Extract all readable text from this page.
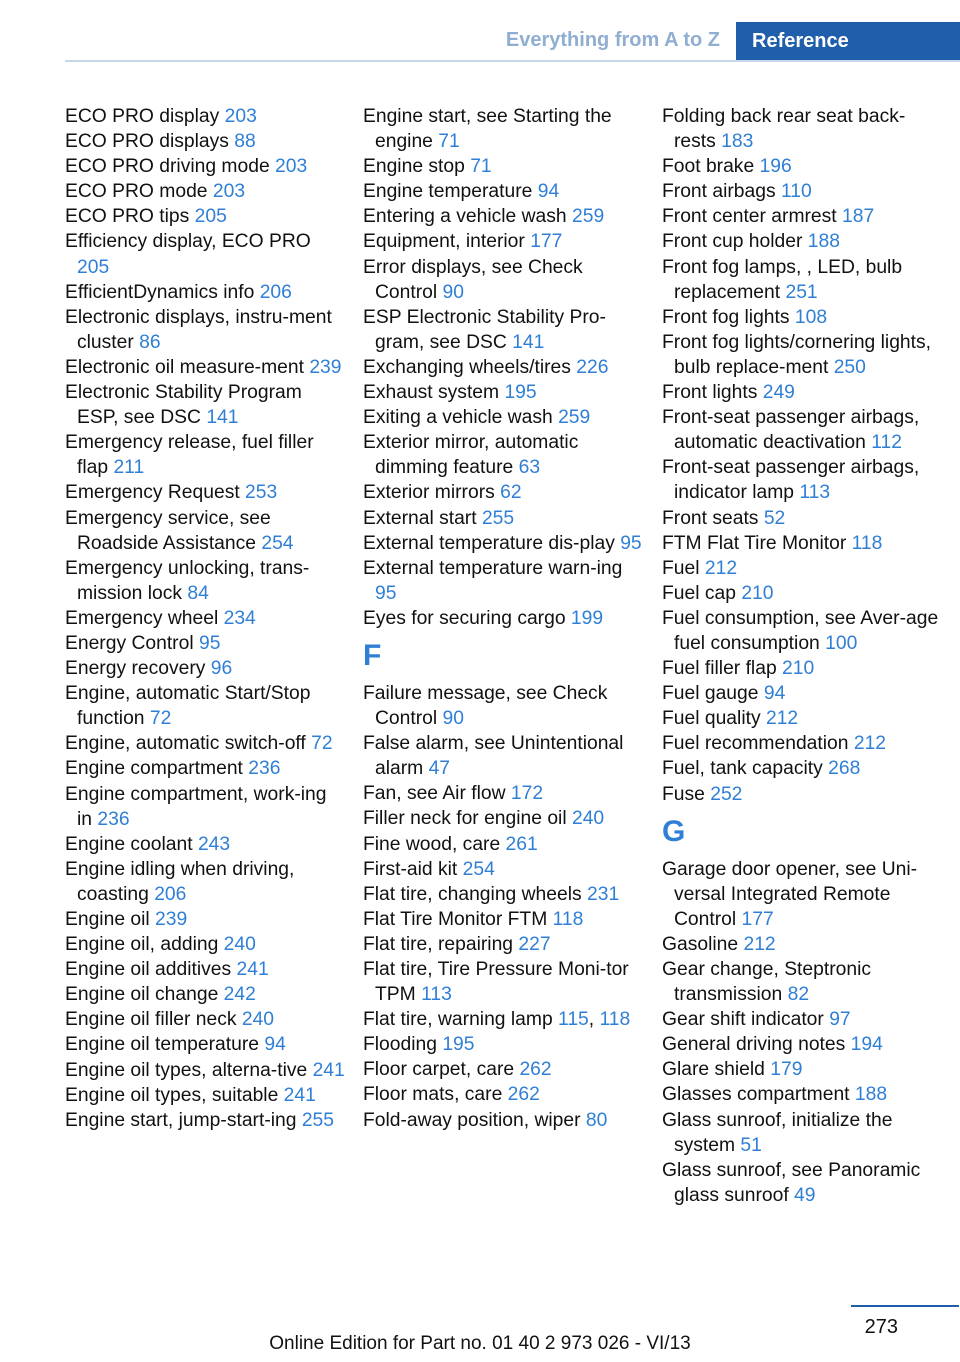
Everything from A to Z	Reference
ECO PRO display 203
ECO PRO displays 88
ECO PRO driving mode 203
ECO PRO mode 203
ECO PRO tips 205
Efficiency display, ECO PRO 205
EfficientDynamics info 206
Electronic displays, instru‐ment cluster 86
Electronic oil measure‐ment 239
Electronic Stability Program ESP, see DSC 141
Emergency release, fuel filler flap 211
Emergency Request 253
Emergency service, see Roadside Assistance 254
Emergency unlocking, trans‐mission lock 84
Emergency wheel 234
Energy Control 95
Energy recovery 96
Engine, automatic Start/Stop function 72
Engine, automatic switch-off 72
Engine compartment 236
Engine compartment, work‐ing in 236
Engine coolant 243
Engine idling when driving, coasting 206
Engine oil 239
Engine oil, adding 240
Engine oil additives 241
Engine oil change 242
Engine oil filler neck 240
Engine oil temperature 94
Engine oil types, alterna‐tive 241
Engine oil types, suitable 241
Engine start, jump-start‐ing 255
Engine start, see Starting the engine 71
Engine stop 71
Engine temperature 94
Entering a vehicle wash 259
Equipment, interior 177
Error displays, see Check Control 90
ESP Electronic Stability Pro‐gram, see DSC 141
Exchanging wheels/tires 226
Exhaust system 195
Exiting a vehicle wash 259
Exterior mirror, automatic dimming feature 63
Exterior mirrors 62
External start 255
External temperature dis‐play 95
External temperature warn‐ing 95
Eyes for securing cargo 199
F
Failure message, see Check Control 90
False alarm, see Unintentional alarm 47
Fan, see Air flow 172
Filler neck for engine oil 240
Fine wood, care 261
First-aid kit 254
Flat tire, changing wheels 231
Flat Tire Monitor FTM 118
Flat tire, repairing 227
Flat tire, Tire Pressure Moni‐tor TPM 113
Flat tire, warning lamp 115, 118
Flooding 195
Floor carpet, care 262
Floor mats, care 262
Fold-away position, wiper 80
Folding back rear seat back‐rests 183
Foot brake 196
Front airbags 110
Front center armrest 187
Front cup holder 188
Front fog lamps, , LED, bulb replacement 251
Front fog lights 108
Front fog lights/cornering lights, bulb replace‐ment 250
Front lights 249
Front-seat passenger airbags, automatic deactivation 112
Front-seat passenger airbags, indicator lamp 113
Front seats 52
FTM Flat Tire Monitor 118
Fuel 212
Fuel cap 210
Fuel consumption, see Aver‐age fuel consumption 100
Fuel filler flap 210
Fuel gauge 94
Fuel quality 212
Fuel recommendation 212
Fuel, tank capacity 268
Fuse 252
G
Garage door opener, see Uni‐versal Integrated Remote Control 177
Gasoline 212
Gear change, Steptronic transmission 82
Gear shift indicator 97
General driving notes 194
Glare shield 179
Glasses compartment 188
Glass sunroof, initialize the system 51
Glass sunroof, see Panoramic glass sunroof 49
273
Online Edition for Part no. 01 40 2 973 026 - VI/13
